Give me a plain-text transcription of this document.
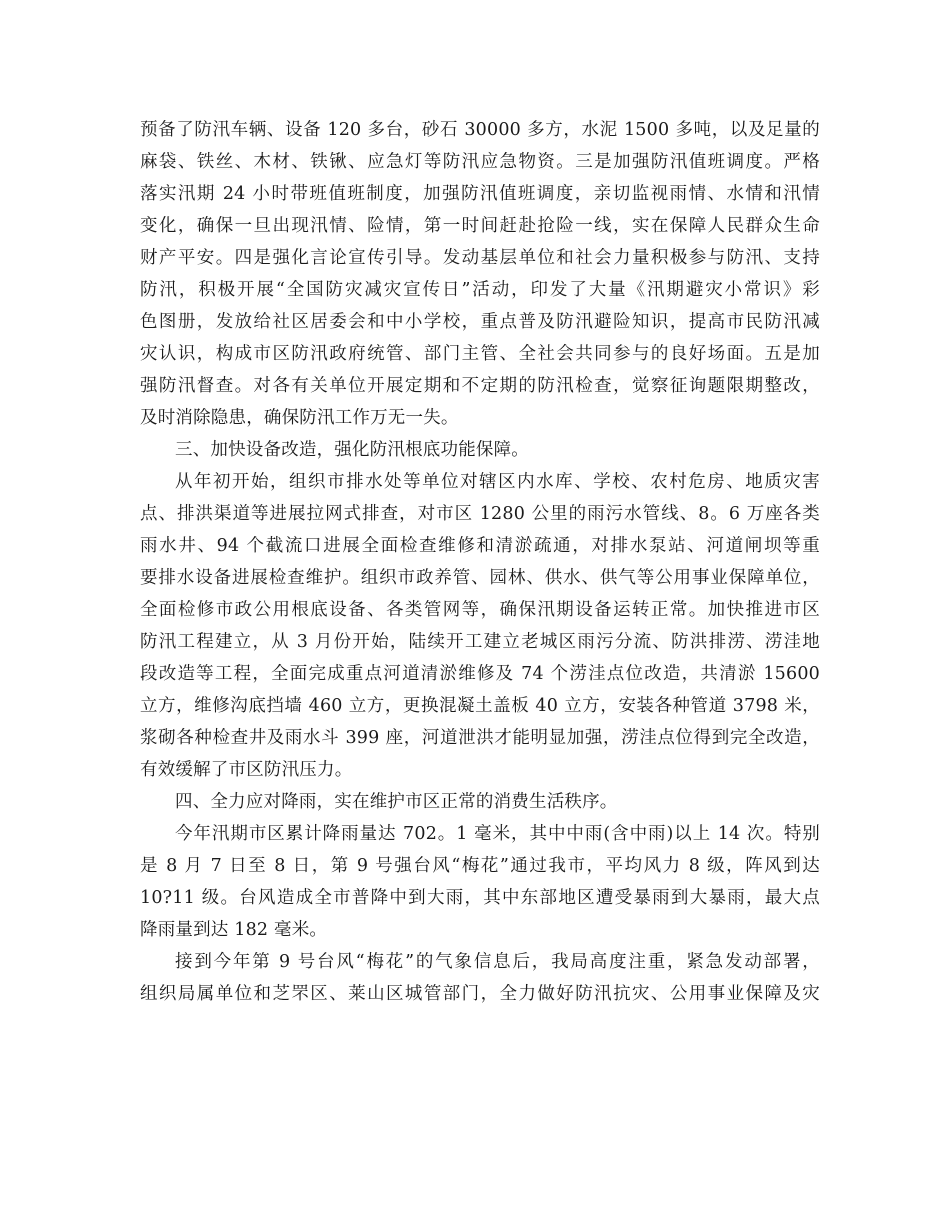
预备了防汛车辆、设备 120 多台，砂石 30000 多方，水泥 1500 多吨，以及足量的
麻袋、铁丝、木材、铁锹、应急灯等防汛应急物资。三是加强防汛值班调度。严格
落实汛期 24 小时带班值班制度，加强防汛值班调度，亲切监视雨情、水情和汛情
变化，确保一旦出现汛情、险情，第一时间赶赴抢险一线，实在保障人民群众生命
财产平安。四是强化言论宣传引导。发动基层单位和社会力量积极参与防汛、支持
防汛，积极开展“全国防灾减灾宣传日”活动，印发了大量《汛期避灾小常识》彩
色图册，发放给社区居委会和中小学校，重点普及防汛避险知识，提高市民防汛减
灾认识，构成市区防汛政府统管、部门主管、全社会共同参与的良好场面。五是加
强防汛督查。对各有关单位开展定期和不定期的防汛检查，觉察征询题限期整改，
及时消除隐患，确保防汛工作万无一失。
三、加快设备改造，强化防汛根底功能保障。
从年初开始，组织市排水处等单位对辖区内水库、学校、农村危房、地质灾害
点、排洪渠道等进展拉网式排查，对市区 1280 公里的雨污水管线、8。6 万座各类
雨水井、94 个截流口进展全面检查维修和清淤疏通，对排水泵站、河道闸坝等重
要排水设备进展检查维护。组织市政养管、园林、供水、供气等公用事业保障单位，
全面检修市政公用根底设备、各类管网等，确保汛期设备运转正常。加快推进市区
防汛工程建立，从 3 月份开始，陆续开工建立老城区雨污分流、防洪排涝、涝洼地
段改造等工程，全面完成重点河道清淤维修及 74 个涝洼点位改造，共清淤 15600
立方，维修沟底挡墙 460 立方，更换混凝土盖板 40 立方，安装各种管道 3798 米，
浆砌各种检查井及雨水斗 399 座，河道泄洪才能明显加强，涝洼点位得到完全改造，
有效缓解了市区防汛压力。
四、全力应对降雨，实在维护市区正常的消费生活秩序。
今年汛期市区累计降雨量达 702。1 毫米，其中中雨(含中雨)以上 14 次。特别
是 8 月 7 日至 8 日，第 9 号强台风“梅花”通过我市，平均风力 8 级，阵风到达
10?11 级。台风造成全市普降中到大雨，其中东部地区遭受暴雨到大暴雨，最大点
降雨量到达 182 毫米。
接到今年第 9 号台风“梅花”的气象信息后，我局高度注重，紧急发动部署，
组织局属单位和芝罘区、莱山区城管部门，全力做好防汛抗灾、公用事业保障及灾
